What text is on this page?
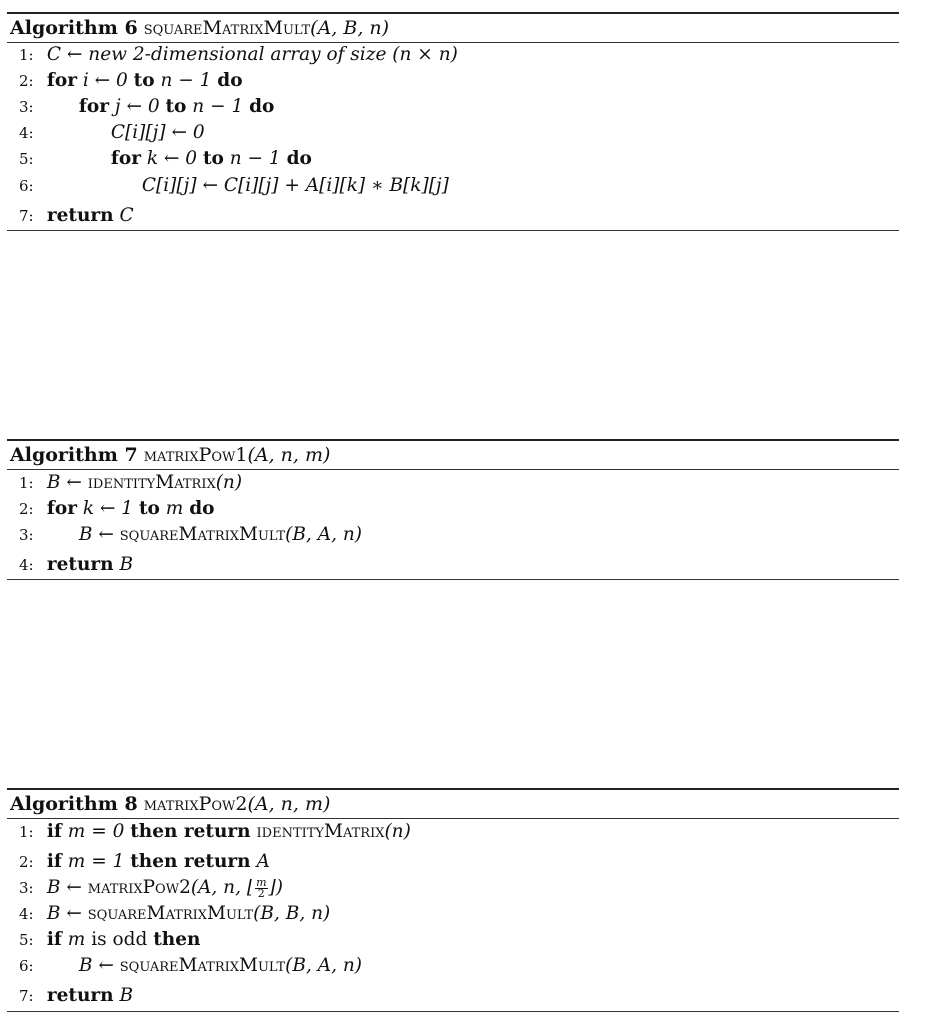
Algorithm 6 squareMatrixMult(A, B, n)
1: C ← new 2-dimensional array of size (n × n)
2: for i ← 0 to n − 1 do
3: for j ← 0 to n − 1 do
4:	C[i][j] ← 0
5:	for k ← 0 to n − 1 do
6:	C[i][j] ← C[i][j] + A[i][k] ∗ B[k][j]
7: return C
Algorithm 7 matrixPow1(A, n, m)
1: B ← identityMatrix(n)
2: for k ← 1 to m do
3: B ← squareMatrixMult(B, A, n)
4: return B
Algorithm 8 matrixPow2(A, n, m)
1: if m = 0 then return identityMatrix(n)
2: if m = 1 then return A
3: B ← matrixPow2(A, n, ⌊ $\frac{m}{2}$ ⌋)
4: B ← squareMatrixMult(B, B, n)
5: if m is odd then
6: B ← squareMatrixMult(B, A, n)
7: return B
